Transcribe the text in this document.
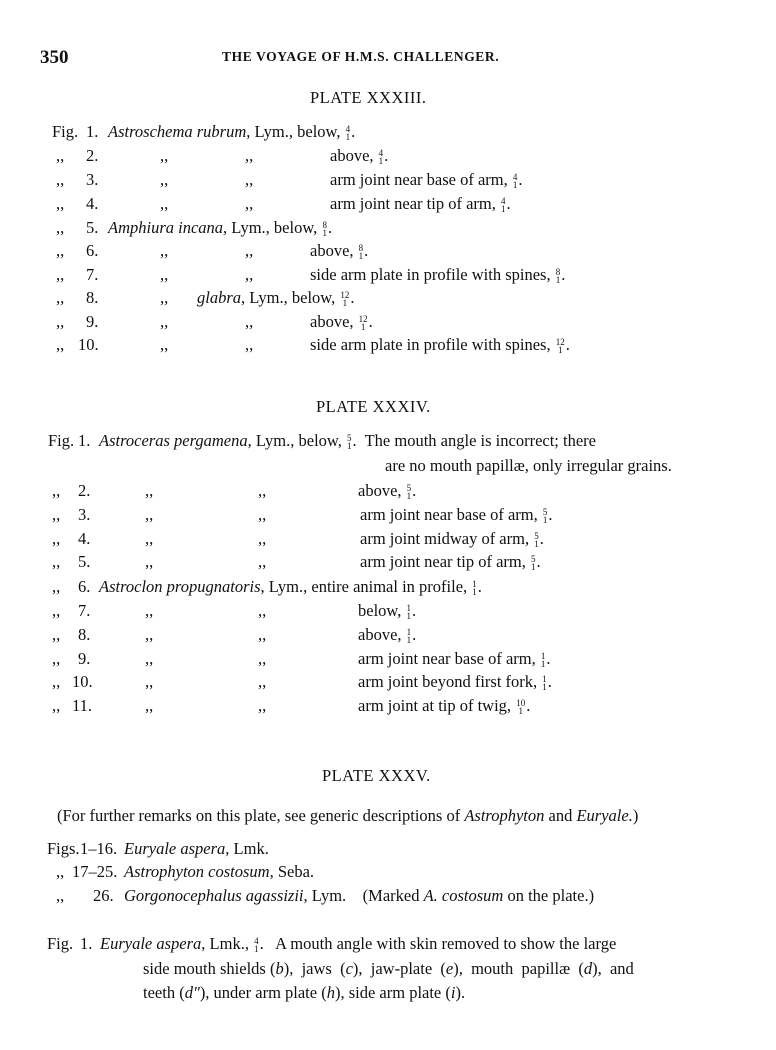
350	THE VOYAGE OF H.M.S. CHALLENGER.
PLATE XXXIII.
Fig. 1. Astroschema rubrum, Lym., below, 4
1 .
,, 2.	,,	,,	above, 4
1 .
,, 3.	,,	,,	arm joint near base of arm, 4
1 .
,, 4.	,,	,,	arm joint near tip of arm, 4
1 .
,, 5. Amphiura incana, Lym., below, 8
1 .
,, 6.	,,	,,	above, 8
1 .
,, 7.	,,	,,	side arm plate in profile with spines, 8
1 .
,, 8.	,, glabra, Lym., below, 12
1 .
,, 9.	,,	,,	above, 12
1 .
,, 10.	,,	,,	side arm plate in profile with spines, 12
1 .
PLATE XXXIV.
Fig. 1. Astroceras pergamena, Lym., below, 5
1 .  The mouth angle is incorrect; there
are no mouth papillæ, only irregular grains.
,, 2.	,,	,,	above, 5
1 .
,, 3.	,,	,,	arm joint near base of arm, 5
1 .
,, 4.	,,	,,	arm joint midway of arm, 5
1 .
,, 5.	,,	,,	arm joint near tip of arm, 5
1 .
,, 6. Astroclon propugnatoris, Lym., entire animal in profile, 1
1 .
,, 7.	,,	,,	below, 1
1 .
,, 8.	,,	,,	above, 1
1 .
,, 9.	,,	,,	arm joint near base of arm, 1
1 .
,, 10.	,,	,,	arm joint beyond first fork, 1
1 .
,, 11.	,,	,,	arm joint at tip of twig, 10
1 .
PLATE XXXV.
(For further remarks on this plate, see generic descriptions of Astrophyton and Euryale.)
Figs. 1–16. Euryale aspera, Lmk.
,, 17–25. Astrophyton costosum, Seba.
,, 26. Gorgonocephalus agassizii, Lym.    (Marked A. costosum on the plate.)
Fig. 1. Euryale aspera, Lmk., 4
1 .   A mouth angle with skin removed to show the large
side mouth shields (b),  jaws  (c),  jaw-plate  (e),  mouth  papillæ  (d),  and
teeth (d″), under arm plate (h), side arm plate (i).
